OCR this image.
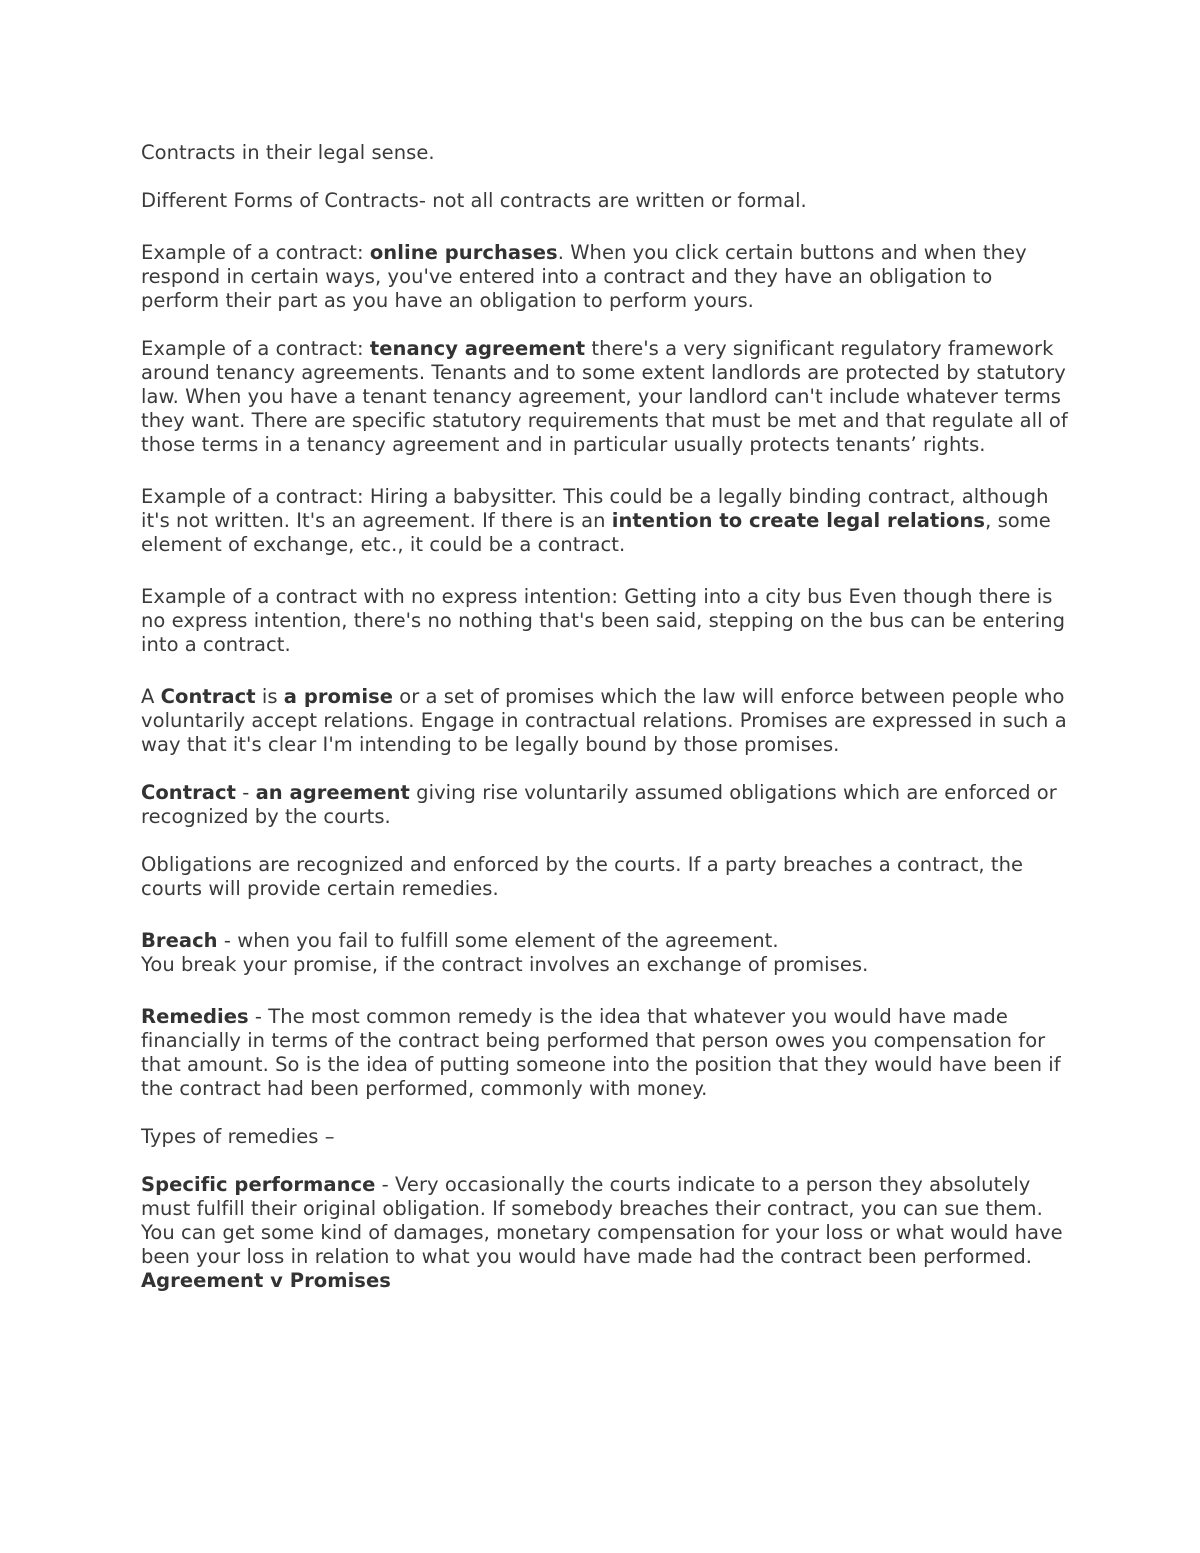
Contracts in their legal sense.

Different Forms of Contracts- not all contracts are written or formal.

Example of a contract: online purchases. When you click certain buttons and when they respond in certain ways, you've entered into a contract and they have an obligation to perform their part as you have an obligation to perform yours.

Example of a contract: tenancy agreement there's a very significant regulatory framework around tenancy agreements. Tenants and to some extent landlords are protected by statutory law. When you have a tenant tenancy agreement, your landlord can't include whatever terms they want. There are specific statutory requirements that must be met and that regulate all of those terms in a tenancy agreement and in particular usually protects tenants’ rights.

Example of a contract: Hiring a babysitter. This could be a legally binding contract, although it's not written. It's an agreement. If there is an intention to create legal relations, some element of exchange, etc., it could be a contract.

Example of a contract with no express intention: Getting into a city bus Even though there is no express intention, there's no nothing that's been said, stepping on the bus can be entering into a contract.

A Contract is a promise or a set of promises which the law will enforce between people who voluntarily accept relations. Engage in contractual relations. Promises are expressed in such a way that it's clear I'm intending to be legally bound by those promises.

Contract - an agreement giving rise voluntarily assumed obligations which are enforced or recognized by the courts.

Obligations are recognized and enforced by the courts. If a party breaches a contract, the courts will provide certain remedies.

Breach - when you fail to fulfill some element of the agreement.
You break your promise, if the contract involves an exchange of promises.

Remedies - The most common remedy is the idea that whatever you would have made financially in terms of the contract being performed that person owes you compensation for that amount. So is the idea of putting someone into the position that they would have been if the contract had been performed, commonly with money.

Types of remedies –

Specific performance - Very occasionally the courts indicate to a person they absolutely must fulfill their original obligation. If somebody breaches their contract, you can sue them. You can get some kind of damages, monetary compensation for your loss or what would have been your loss in relation to what you would have made had the contract been performed.

Agreement v Promises
